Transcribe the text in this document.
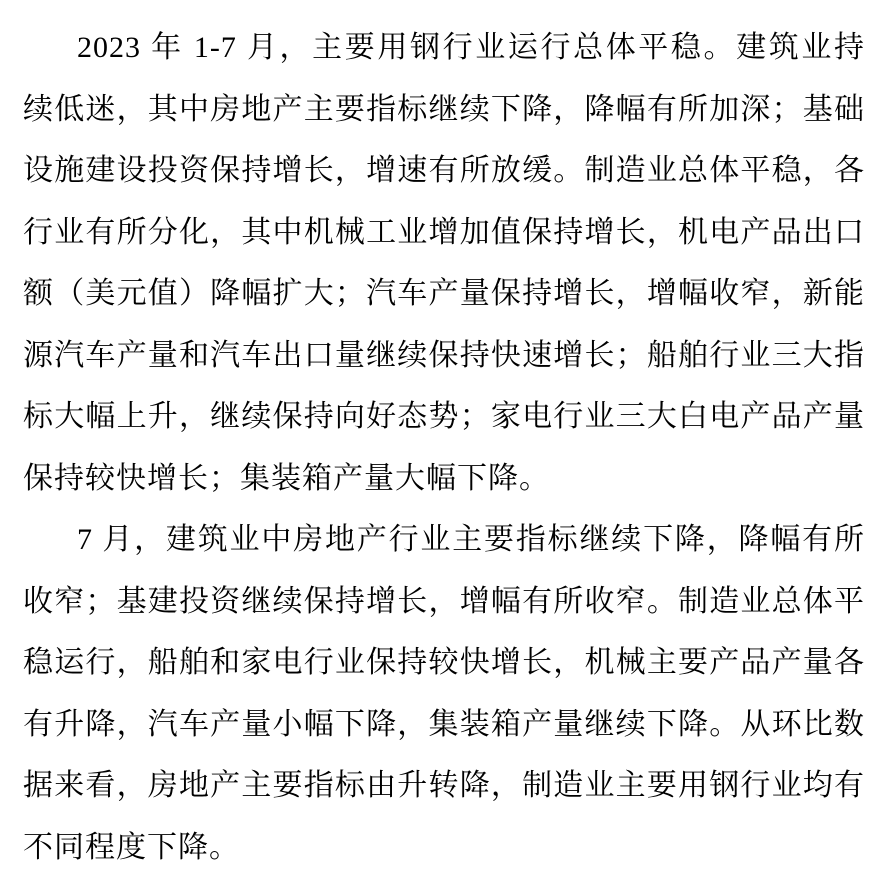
2023 年 1-7 月，主要用钢行业运行总体平稳。建筑业持
续低迷，其中房地产主要指标继续下降，降幅有所加深；基础
设施建设投资保持增长，增速有所放缓。制造业总体平稳，各
行业有所分化，其中机械工业增加值保持增长，机电产品出口
额（美元值）降幅扩大；汽车产量保持增长，增幅收窄，新能
源汽车产量和汽车出口量继续保持快速增长；船舶行业三大指
标大幅上升，继续保持向好态势；家电行业三大白电产品产量
保持较快增长；集装箱产量大幅下降。
7 月，建筑业中房地产行业主要指标继续下降，降幅有所
收窄；基建投资继续保持增长，增幅有所收窄。制造业总体平
稳运行，船舶和家电行业保持较快增长，机械主要产品产量各
有升降，汽车产量小幅下降，集装箱产量继续下降。从环比数
据来看，房地产主要指标由升转降，制造业主要用钢行业均有
不同程度下降。
